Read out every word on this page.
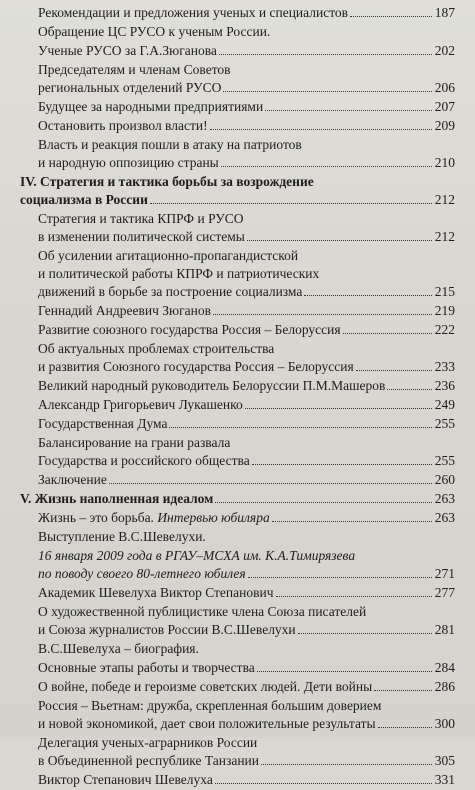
Рекомендации и предложения ученых и специалистов	187
Обращение ЦС РУСО к ученым России.
Ученые РУСО за Г.А.Зюганова	202
Председателям и членам Советов
региональных отделений РУСО	206
Будущее за народными предприятиями	207
Остановить произвол власти!	209
Власть и реакция пошли в атаку на патриотов
и народную оппозицию страны	210
IV. Стратегия и тактика борьбы за возрождение
социализма в России	212
Стратегия и тактика КПРФ и РУСО
в изменении политической системы	212
Об усилении агитационно-пропагандистской
и политической работы КПРФ и патриотических
движений в борьбе за построение социализма	215
Геннадий Андреевич Зюганов	219
Развитие союзного государства Россия – Белоруссия	222
Об актуальных проблемах строительства
и развития Союзного государства Россия – Белоруссия	233
Великий народный руководитель Белоруссии П.М.Машеров	236
Александр Григорьевич Лукашенко	249
Государственная Дума	255
Балансирование на грани развала
Государства и российского общества	255
Заключение	260
V. Жизнь наполненная идеалом	263
Жизнь – это борьба. Интервью юбиляра	263
Выступление В.С.Шевелухи.
16 января 2009 года в РГАУ–МСХА им. К.А.Тимирязева
по поводу своего 80-летнего юбилея	271
Академик Шевелуха Виктор Степанович	277
О художественной публицистике члена Союза писателей
и Союза журналистов России В.С.Шевелухи	281
В.С.Шевелуха – биография.
Основные этапы работы и творчества	284
О войне, победе и героизме советских людей. Дети войны	286
Россия – Вьетнам: дружба, скрепленная большим доверием
и новой экономикой, дает свои положительные результаты	300
Делегация ученых-аграрников России
в Объединенной республике Танзании	305
Виктор Степанович Шевелуха	331
